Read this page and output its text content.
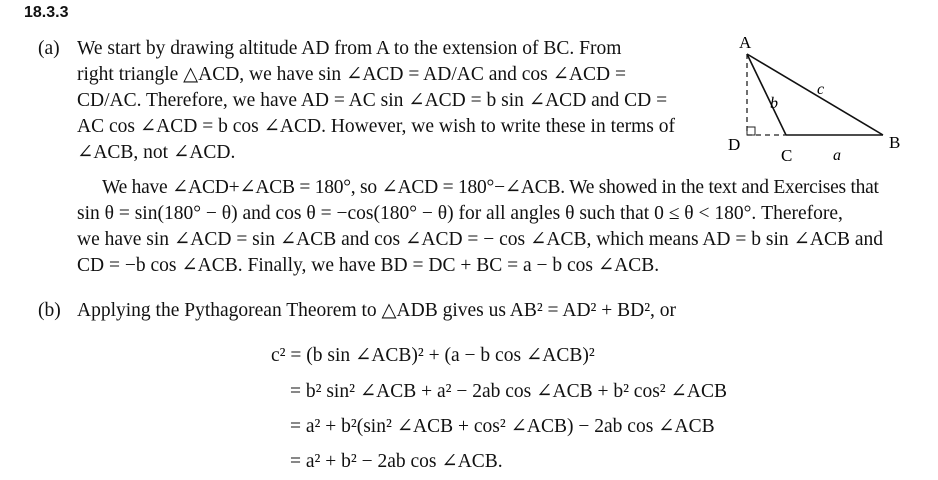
18.3.3
(a) We start by drawing altitude AD from A to the extension of BC. From
right triangle △ACD, we have sin ∠ACD = AD/AC and cos ∠ACD =
CD/AC. Therefore, we have AD = AC sin ∠ACD = b sin ∠ACD and CD =
AC cos ∠ACD = b cos ∠ACD. However, we wish to write these in terms of
∠ACB, not ∠ACD.
A
B
C
D
a
b
c
We have ∠ACD+∠ACB = 180°, so ∠ACD = 180°−∠ACB. We showed in the text and Exercises that
sin θ = sin(180° − θ) and cos θ = −cos(180° − θ) for all angles θ such that 0 ≤ θ < 180°. Therefore,
we have sin ∠ACD = sin ∠ACB and cos ∠ACD = − cos ∠ACB, which means AD = b sin ∠ACB and
CD = −b cos ∠ACB. Finally, we have BD = DC + BC = a − b cos ∠ACB.
(b) Applying the Pythagorean Theorem to △ADB gives us AB² = AD² + BD², or
c² = (b sin ∠ACB)² + (a − b cos ∠ACB)²
= b² sin² ∠ACB + a² − 2ab cos ∠ACB + b² cos² ∠ACB
= a² + b²(sin² ∠ACB + cos² ∠ACB) − 2ab cos ∠ACB
= a² + b² − 2ab cos ∠ACB.
